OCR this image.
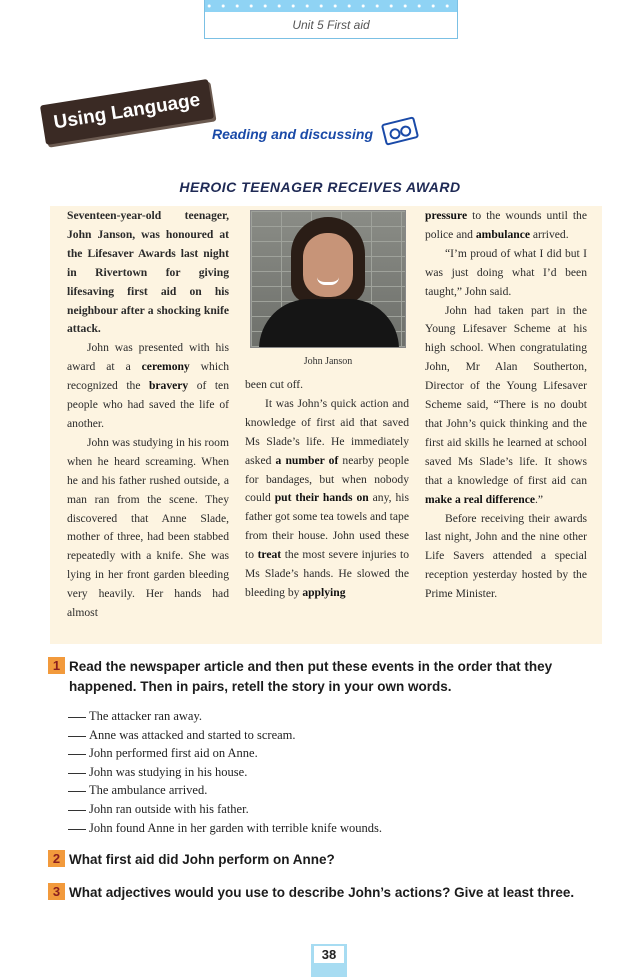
Unit 5 First aid
Using Language
Reading and discussing
HEROIC TEENAGER RECEIVES AWARD

Seventeen-year-old teenager, John Janson, was honoured at the Lifesaver Awards last night in Rivertown for giving lifesaving first aid on his neighbour after a shocking knife attack.

John was presented with his award at a ceremony which recognized the bravery of ten people who had saved the life of another.

John was studying in his room when he heard screaming. When he and his father rushed outside, a man ran from the scene. They discovered that Anne Slade, mother of three, had been stabbed repeatedly with a knife. She was lying in her front garden bleeding very heavily. Her hands had almost

John Janson

been cut off.

It was John’s quick action and knowledge of first aid that saved Ms Slade’s life. He immediately asked a number of nearby people for bandages, but when nobody could put their hands on any, his father got some tea towels and tape from their house. John used these to treat the most severe injuries to Ms Slade’s hands. He slowed the bleeding by applying

pressure to the wounds until the police and ambulance arrived.

“I’m proud of what I did but I was just doing what I’d been taught,” John said.

John had taken part in the Young Lifesaver Scheme at his high school. When congratulating John, Mr Alan Southerton, Director of the Young Lifesaver Scheme said, “There is no doubt that John’s quick thinking and the first aid skills he learned at school saved Ms Slade’s life. It shows that a knowledge of first aid can make a real difference.”

Before receiving their awards last night, John and the nine other Life Savers attended a special reception yesterday hosted by the Prime Minister.

1 Read the newspaper article and then put these events in the order that they
happened. Then in pairs, retell the story in your own words.
The attacker ran away.
Anne was attacked and started to scream.
John performed first aid on Anne.
John was studying in his house.
The ambulance arrived.
John ran outside with his father.
John found Anne in her garden with terrible knife wounds.
2 What first aid did John perform on Anne?
3 What adjectives would you use to describe John’s actions? Give at least three.
38
